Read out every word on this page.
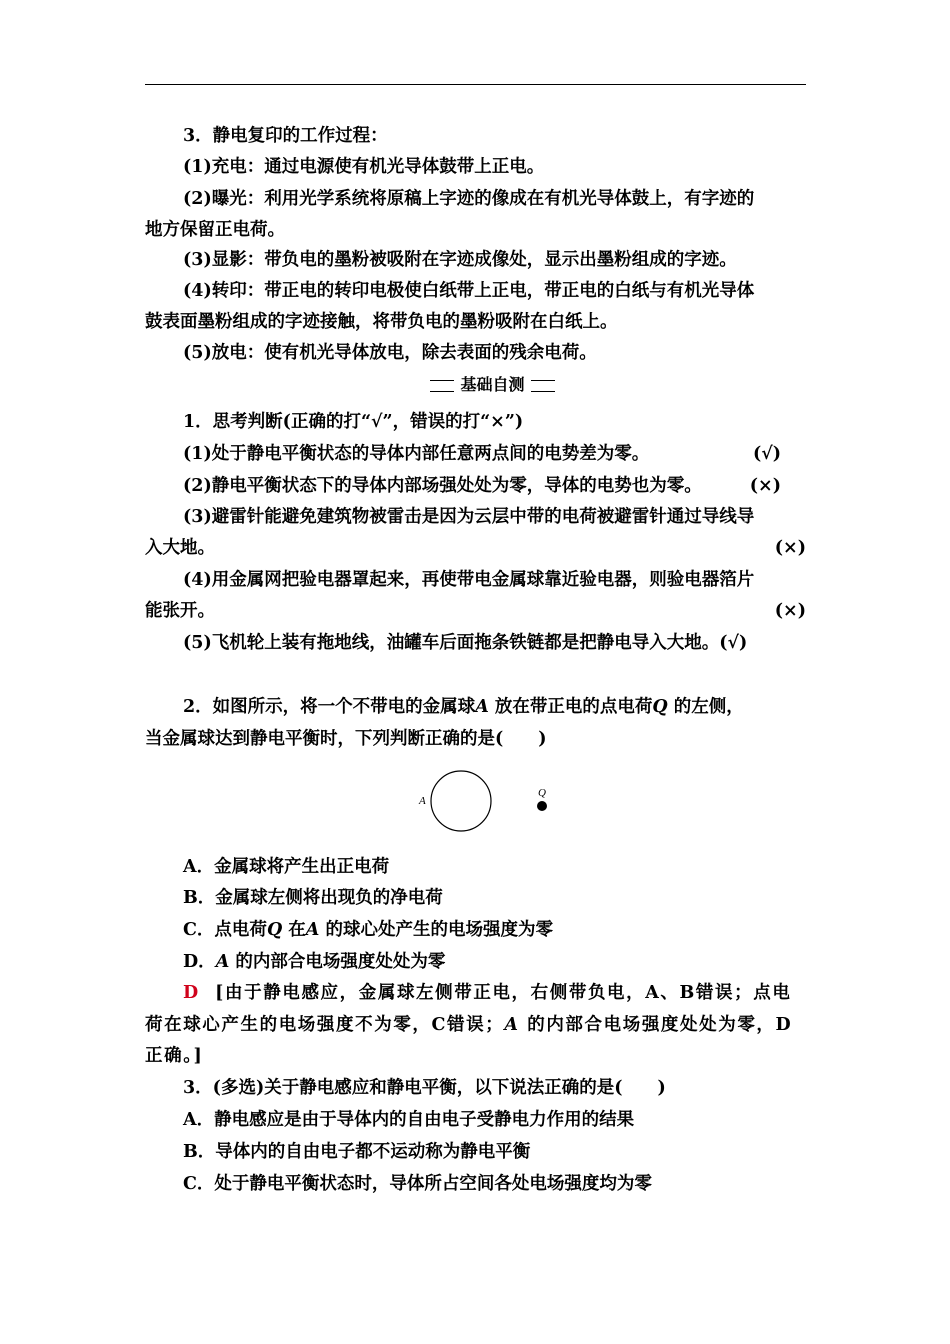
3．静电复印的工作过程：
(1)充电：通过电源使有机光导体鼓带上正电。
(2)曝光：利用光学系统将原稿上字迹的像成在有机光导体鼓上，有字迹的
地方保留正电荷。
(3)显影：带负电的墨粉被吸附在字迹成像处，显示出墨粉组成的字迹。
(4)转印：带正电的转印电极使白纸带上正电，带正电的白纸与有机光导体
鼓表面墨粉组成的字迹接触，将带负电的墨粉吸附在白纸上。
(5)放电：使有机光导体放电，除去表面的残余电荷。
基础自测
1．思考判断(正确的打“√”，错误的打“×”)
(1)处于静电平衡状态的导体内部任意两点间的电势差为零。	(√)
(2)静电平衡状态下的导体内部场强处处为零，导体的电势也为零。	(×)
(3)避雷针能避免建筑物被雷击是因为云层中带的电荷被避雷针通过导线导
入大地。	(×)
(4)用金属网把验电器罩起来，再使带电金属球靠近验电器，则验电器箔片
能张开。	(×)
(5)飞机轮上装有拖地线，油罐车后面拖条铁链都是把静电导入大地。(√)
2．如图所示，将一个不带电的金属球A 放在带正电的点电荷Q 的左侧，
当金属球达到静电平衡时，下列判断正确的是(　　)
A
Q
A．金属球将产生出正电荷
B．金属球左侧将出现负的净电荷
C．点电荷Q 在A 的球心处产生的电场强度为零
D．A 的内部合电场强度处处为零
D [由于静电感应，金属球左侧带正电，右侧带负电，A、B错误；点电
荷在球心产生的电场强度不为零，C错误；A 的内部合电场强度处处为零，D
正确。]
3．(多选)关于静电感应和静电平衡，以下说法正确的是(　　)
A．静电感应是由于导体内的自由电子受静电力作用的结果
B．导体内的自由电子都不运动称为静电平衡
C．处于静电平衡状态时，导体所占空间各处电场强度均为零
